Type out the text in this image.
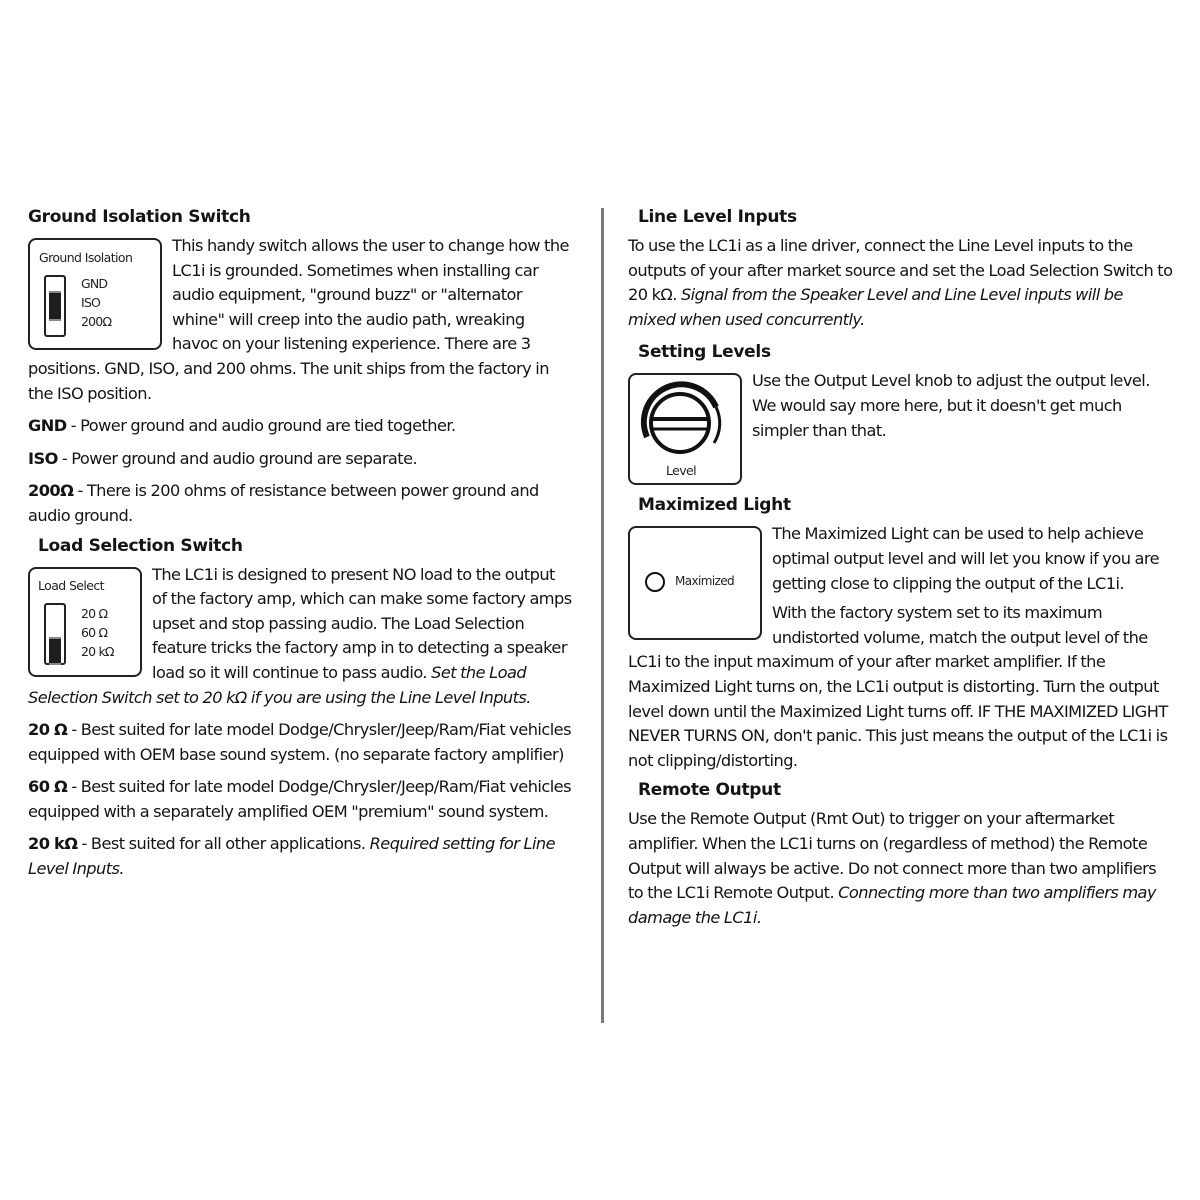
Ground Isolation Switch
Ground Isolation
GND
ISO
200Ω

This handy switch allows the user to change how the LC1i is grounded. Sometimes when installing car audio equipment, "ground buzz" or "alternator whine" will creep into the audio path, wreaking havoc on your listening experience. There are 3 positions. GND, ISO, and 200 ohms. The unit ships from the factory in the ISO position.

GND - Power ground and audio ground are tied together.

ISO - Power ground and audio ground are separate.

200Ω - There is 200 ohms of resistance between power ground and audio ground.

Load Selection Switch
Load Select
20 Ω
60 Ω
20 kΩ

The LC1i is designed to present NO load to the output of the factory amp, which can make some factory amps upset and stop passing audio. The Load Selection feature tricks the factory amp in to detecting a speaker load so it will continue to pass audio. Set the Load Selection Switch set to 20 kΩ if you are using the Line Level Inputs.

20 Ω - Best suited for late model Dodge/Chrysler/Jeep/Ram/Fiat vehicles equipped with OEM base sound system. (no separate factory amplifier)

60 Ω - Best suited for late model Dodge/Chrysler/Jeep/Ram/Fiat vehicles equipped with a separately amplified OEM "premium" sound system.

20 kΩ - Best suited for all other applications. Required setting for Line Level Inputs.

Line Level Inputs

To use the LC1i as a line driver, connect the Line Level inputs to the outputs of your after market source and set the Load Selection Switch to 20 kΩ. Signal from the Speaker Level and Line Level inputs will be mixed when used concurrently.

Setting Levels
Level

Use the Output Level knob to adjust the output level. We would say more here, but it doesn't get much simpler than that.

Maximized Light
Maximized

The Maximized Light can be used to help achieve optimal output level and will let you know if you are getting close to clipping the output of the LC1i.

With the factory system set to its maximum undistorted volume, match the output level of the LC1i to the input maximum of your after market amplifier. If the Maximized Light turns on, the LC1i output is distorting. Turn the output level down until the Maximized Light turns off. IF THE MAXIMIZED LIGHT NEVER TURNS ON, don't panic. This just means the output of the LC1i is not clipping/distorting.

Remote Output

Use the Remote Output (Rmt Out) to trigger on your aftermarket amplifier. When the LC1i turns on (regardless of method) the Remote Output will always be active. Do not connect more than two amplifiers to the LC1i Remote Output. Connecting more than two amplifiers may damage the LC1i.
